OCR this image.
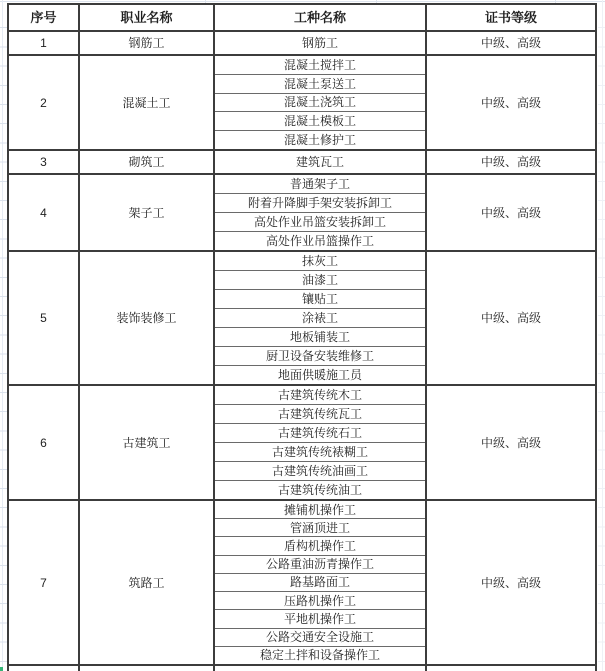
序号	职业名称	工种名称	证书等级
1	钢筋工	钢筋工	中级、高级
2	混凝土工
混凝土搅拌工
混凝土泵送工
混凝土浇筑工
混凝土模板工
混凝土修护工
中级、高级
3	砌筑工	建筑瓦工	中级、高级
4	架子工
普通架子工
附着升降脚手架安装拆卸工
高处作业吊篮安装拆卸工
高处作业吊篮操作工
中级、高级
5	装饰装修工
抹灰工
油漆工
镶贴工
涂裱工
地板铺装工
厨卫设备安装维修工
地面供暖施工员
中级、高级
6	古建筑工
古建筑传统木工
古建筑传统瓦工
古建筑传统石工
古建筑传统裱糊工
古建筑传统油画工
古建筑传统油工
中级、高级
7	筑路工
摊铺机操作工
管涵顶进工
盾构机操作工
公路重油沥青操作工
路基路面工
压路机操作工
平地机操作工
公路交通安全设施工
稳定土拌和设备操作工
中级、高级
